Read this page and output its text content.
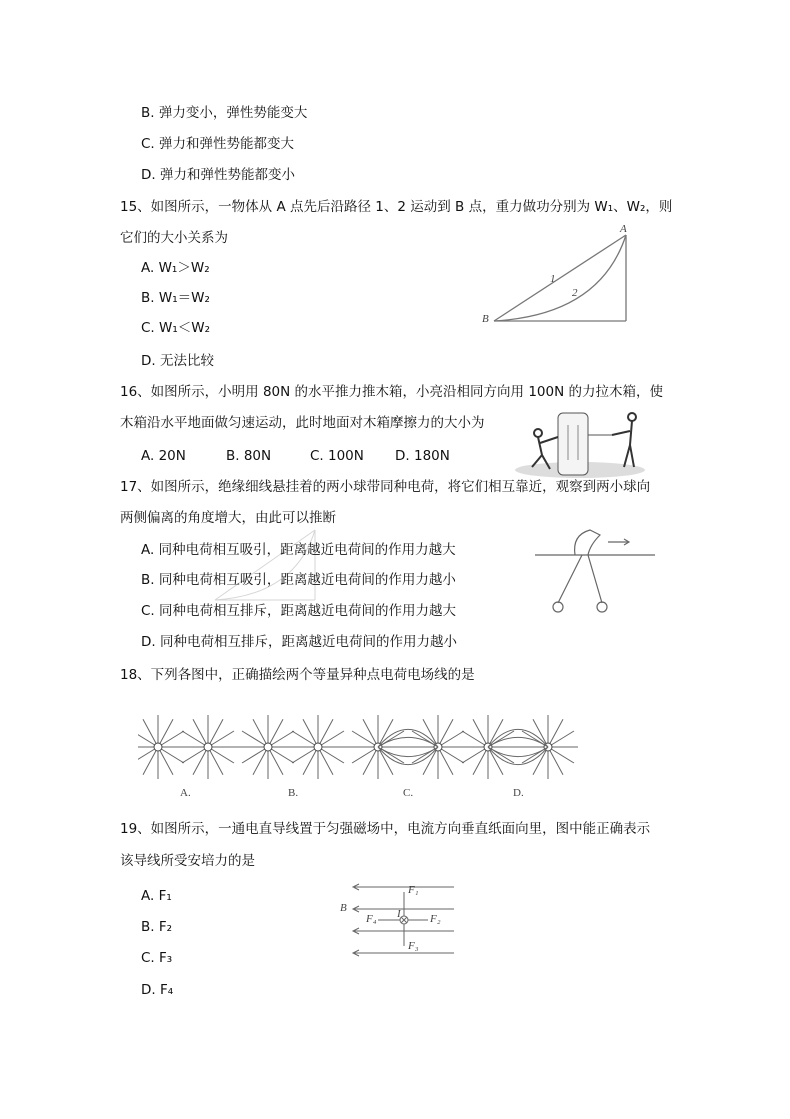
B. 弹力变小，弹性势能变大
C. 弹力和弹性势能都变大
D. 弹力和弹性势能都变小
15、如图所示，一物体从 A 点先后沿路径 1、2 运动到 B 点，重力做功分别为 W₁、W₂，则
它们的大小关系为
A. W₁＞W₂
B. W₁＝W₂
C. W₁＜W₂
D. 无法比较
A
B
1
2
16、如图所示，小明用 80N 的水平推力推木箱，小亮沿相同方向用 100N 的力拉木箱，使
木箱沿水平地面做匀速运动，此时地面对木箱摩擦力的大小为
A. 20N	B. 80N	C. 100N D. 180N
17、如图所示，绝缘细线悬挂着的两小球带同种电荷，将它们相互靠近，观察到两小球向
两侧偏离的角度增大，由此可以推断
A. 同种电荷相互吸引，距离越近电荷间的作用力越大
B. 同种电荷相互吸引，距离越近电荷间的作用力越小
C. 同种电荷相互排斥，距离越近电荷间的作用力越大
D. 同种电荷相互排斥，距离越近电荷间的作用力越小
18、下列各图中，正确描绘两个等量异种点电荷电场线的是
A.	B.	C.	D.
19、如图所示，一通电直导线置于匀强磁场中，电流方向垂直纸面向里，图中能正确表示
该导线所受安培力的是
A. F₁
B. F₂
C. F₃
D. F₄
B	I
F₁
F₂
F₃
F₄
